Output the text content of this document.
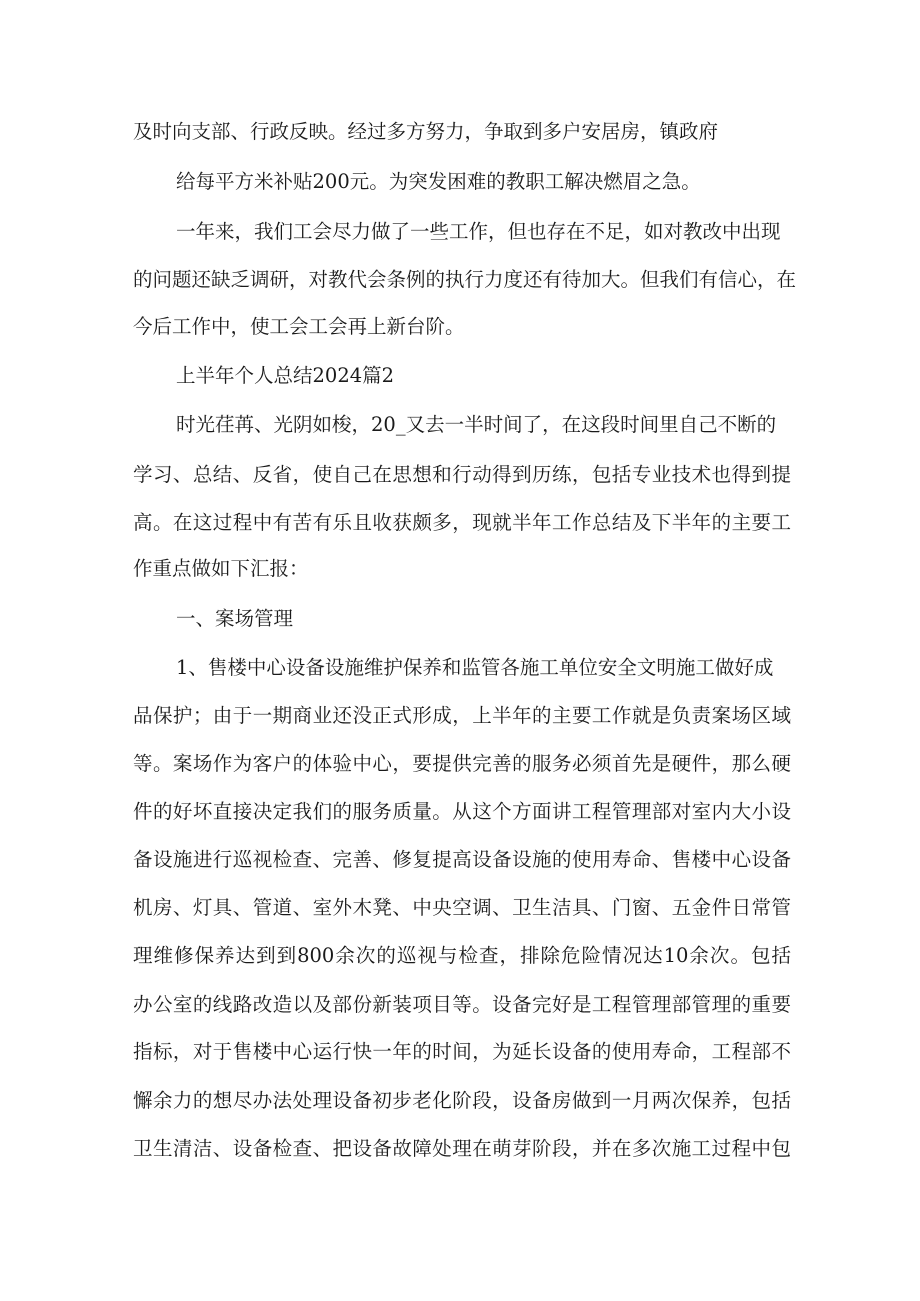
及时向支部、行政反映。经过多方努力，争取到多户安居房，镇政府
给每平方米补贴200元。为突发困难的教职工解决燃眉之急。
一年来，我们工会尽力做了一些工作，但也存在不足，如对教改中出现
的问题还缺乏调研，对教代会条例的执行力度还有待加大。但我们有信心，在
今后工作中，使工会工会再上新台阶。
上半年个人总结2024篇2
时光荏苒、光阴如梭，20_又去一半时间了，在这段时间里自己不断的
学习、总结、反省，使自己在思想和行动得到历练，包括专业技术也得到提
高。在这过程中有苦有乐且收获颇多，现就半年工作总结及下半年的主要工
作重点做如下汇报：
一、案场管理
1、售楼中心设备设施维护保养和监管各施工单位安全文明施工做好成
品保护；由于一期商业还没正式形成，上半年的主要工作就是负责案场区域
等。案场作为客户的体验中心，要提供完善的服务必须首先是硬件，那么硬
件的好坏直接决定我们的服务质量。从这个方面讲工程管理部对室内大小设
备设施进行巡视检查、完善、修复提高设备设施的使用寿命、售楼中心设备
机房、灯具、管道、室外木凳、中央空调、卫生洁具、门窗、五金件日常管
理维修保养达到到800余次的巡视与检查，排除危险情况达10余次。包括
办公室的线路改造以及部份新装项目等。设备完好是工程管理部管理的重要
指标，对于售楼中心运行快一年的时间，为延长设备的使用寿命，工程部不
懈余力的想尽办法处理设备初步老化阶段，设备房做到一月两次保养，包括
卫生清洁、设备检查、把设备故障处理在萌芽阶段，并在多次施工过程中包
